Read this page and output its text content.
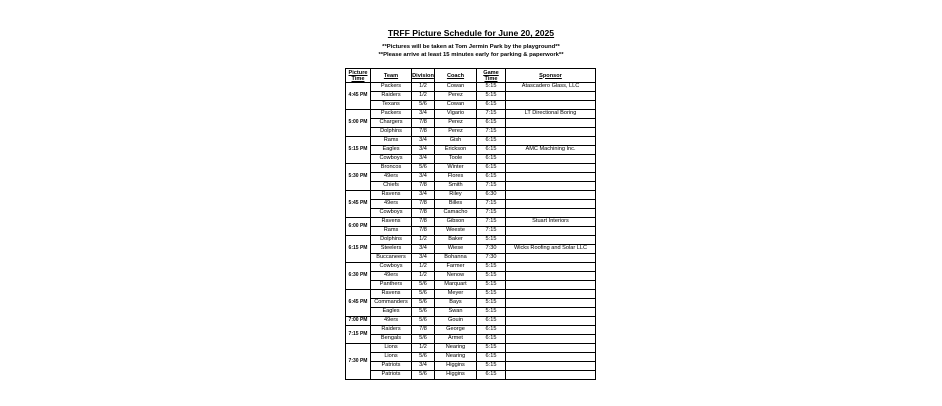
TRFF Picture Schedule for June 20, 2025
**Pictures will be taken at Tom Jermin Park by the playground**
**Please arrive at least 15 minutes early for parking & paperwork**
Picture Time	Team	Division	Coach	Game Time	Sponsor
4:45 PM	Packers	1/2	Cowan	5:15	Atascadero Glass, LLC
	Raiders	1/2	Perez	5:15	
	Texans	5/6	Cowan	6:15	
5:00 PM	Packers	3/4	Vigario	7:15	LT Directional Boring
	Chargers	7/8	Perez	6:15	
	Dolphins	7/8	Perez	7:15	
5:15 PM	Rams	3/4	Gish	6:15	
	Eagles	3/4	Erickson	6:15	AMC Machining Inc.
	Cowboys	3/4	Toole	6:15	
5:30 PM	Broncos	5/6	Winter	6:15	
	49ers	3/4	Flores	6:15	
	Chiefs	7/8	Smith	7:15	
5:45 PM	Ravens	3/4	Riley	6:30	
	49ers	7/8	Billes	7:15	
	Cowboys	7/8	Camacho	7:15	
6:00 PM	Ravens	7/8	Gibson	7:15	Stuart Interiors
	Rams	7/8	Weeste	7:15	
6:15 PM	Dolphins	1/2	Baker	5:15	
	Steelers	3/4	Wiese	7:30	Wicks Roofing and Solar LLC
	Buccaneers	3/4	Bohanna	7:30	
6:30 PM	Cowboys	1/2	Farmer	5:15	
	49ers	1/2	Nenow	5:15	
	Panthers	5/6	Marquart	5:15	
6:45 PM	Ravens	5/6	Meyer	5:15	
	Commanders	5/6	Bays	5:15	
	Eagles	5/6	Swan	5:15	
7:00 PM	49ers	5/6	Gouin	6:15	
7:15 PM	Raiders	7/8	George	6:15	
	Bengals	5/6	Armet	6:15	
7:30 PM	Lions	1/2	Nearing	5:15	
	Lions	5/6	Nearing	6:15	
	Patriots	3/4	Higgins	5:15	
	Patriots	5/6	Higgins	6:15	
